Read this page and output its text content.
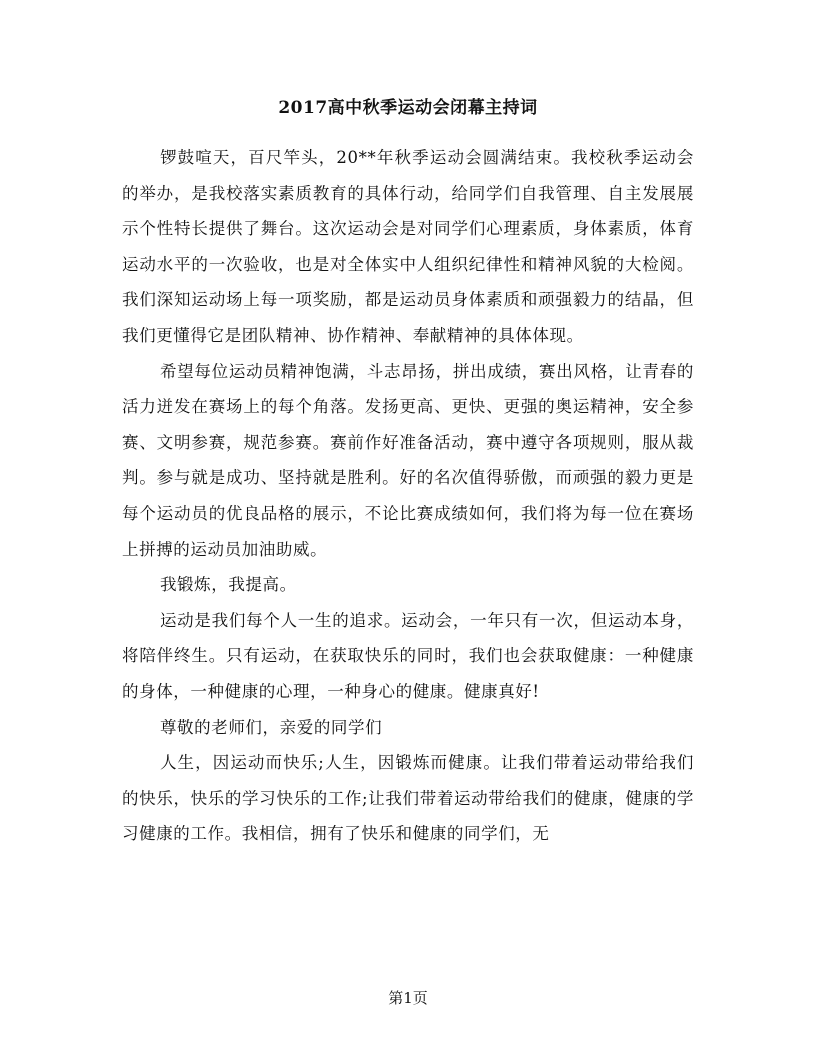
2017高中秋季运动会闭幕主持词

锣鼓喧天，百尺竿头，20**年秋季运动会圆满结束。我校秋季运动会的举办，是我校落实素质教育的具体行动，给同学们自我管理、自主发展展示个性特长提供了舞台。这次运动会是对同学们心理素质，身体素质，体育运动水平的一次验收，也是对全体实中人组织纪律性和精神风貌的大检阅。我们深知运动场上每一项奖励，都是运动员身体素质和顽强毅力的结晶，但我们更懂得它是团队精神、协作精神、奉献精神的具体体现。

希望每位运动员精神饱满，斗志昂扬，拼出成绩，赛出风格，让青春的活力迸发在赛场上的每个角落。发扬更高、更快、更强的奥运精神，安全参赛、文明参赛，规范参赛。赛前作好准备活动，赛中遵守各项规则，服从裁判。参与就是成功、坚持就是胜利。好的名次值得骄傲，而顽强的毅力更是每个运动员的优良品格的展示，不论比赛成绩如何，我们将为每一位在赛场上拼搏的运动员加油助威。

我锻炼，我提高。

运动是我们每个人一生的追求。运动会，一年只有一次，但运动本身，将陪伴终生。只有运动，在获取快乐的同时，我们也会获取健康：一种健康的身体，一种健康的心理，一种身心的健康。健康真好!

尊敬的老师们，亲爱的同学们

人生，因运动而快乐;人生，因锻炼而健康。让我们带着运动带给我们的快乐，快乐的学习快乐的工作;让我们带着运动带给我们的健康，健康的学习健康的工作。我相信，拥有了快乐和健康的同学们，无

第1页
